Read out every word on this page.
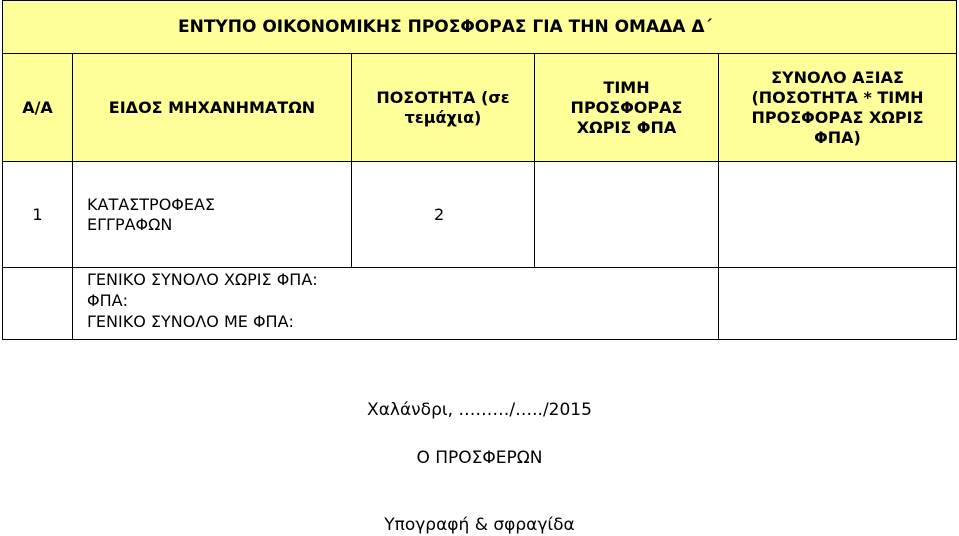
ΕΝΤΥΠΟ ΟΙΚΟΝΟΜΙΚΗΣ ΠΡΟΣΦΟΡΑΣ ΓΙΑ ΤΗΝ ΟΜΑΔΑ Δ΄
Α/Α	ΕΙΔΟΣ ΜΗΧΑΝΗΜΑΤΩΝ
ΠΟΣΟΤΗΤΑ (σε τεμάχια)
ΤΙΜΗ ΠΡΟΣΦΟΡΑΣ ΧΩΡΙΣ ΦΠΑ
ΣΥΝΟΛΟ ΑΞΙΑΣ (ΠΟΣΟΤΗΤΑ * ΤΙΜΗ ΠΡΟΣΦΟΡΑΣ ΧΩΡΙΣ ΦΠΑ)
1
ΚΑΤΑΣΤΡΟΦΕΑΣ ΕΓΓΡΑΦΩΝ
2
ΓΕΝΙΚΟ ΣΥΝΟΛΟ ΧΩΡΙΣ ΦΠΑ:
ΦΠΑ:
ΓΕΝΙΚΟ ΣΥΝΟΛΟ ΜΕ ΦΠΑ:
Χαλάνδρι, ………/…../2015
Ο ΠΡΟΣΦΕΡΩΝ
Υπογραφή & σφραγίδα
